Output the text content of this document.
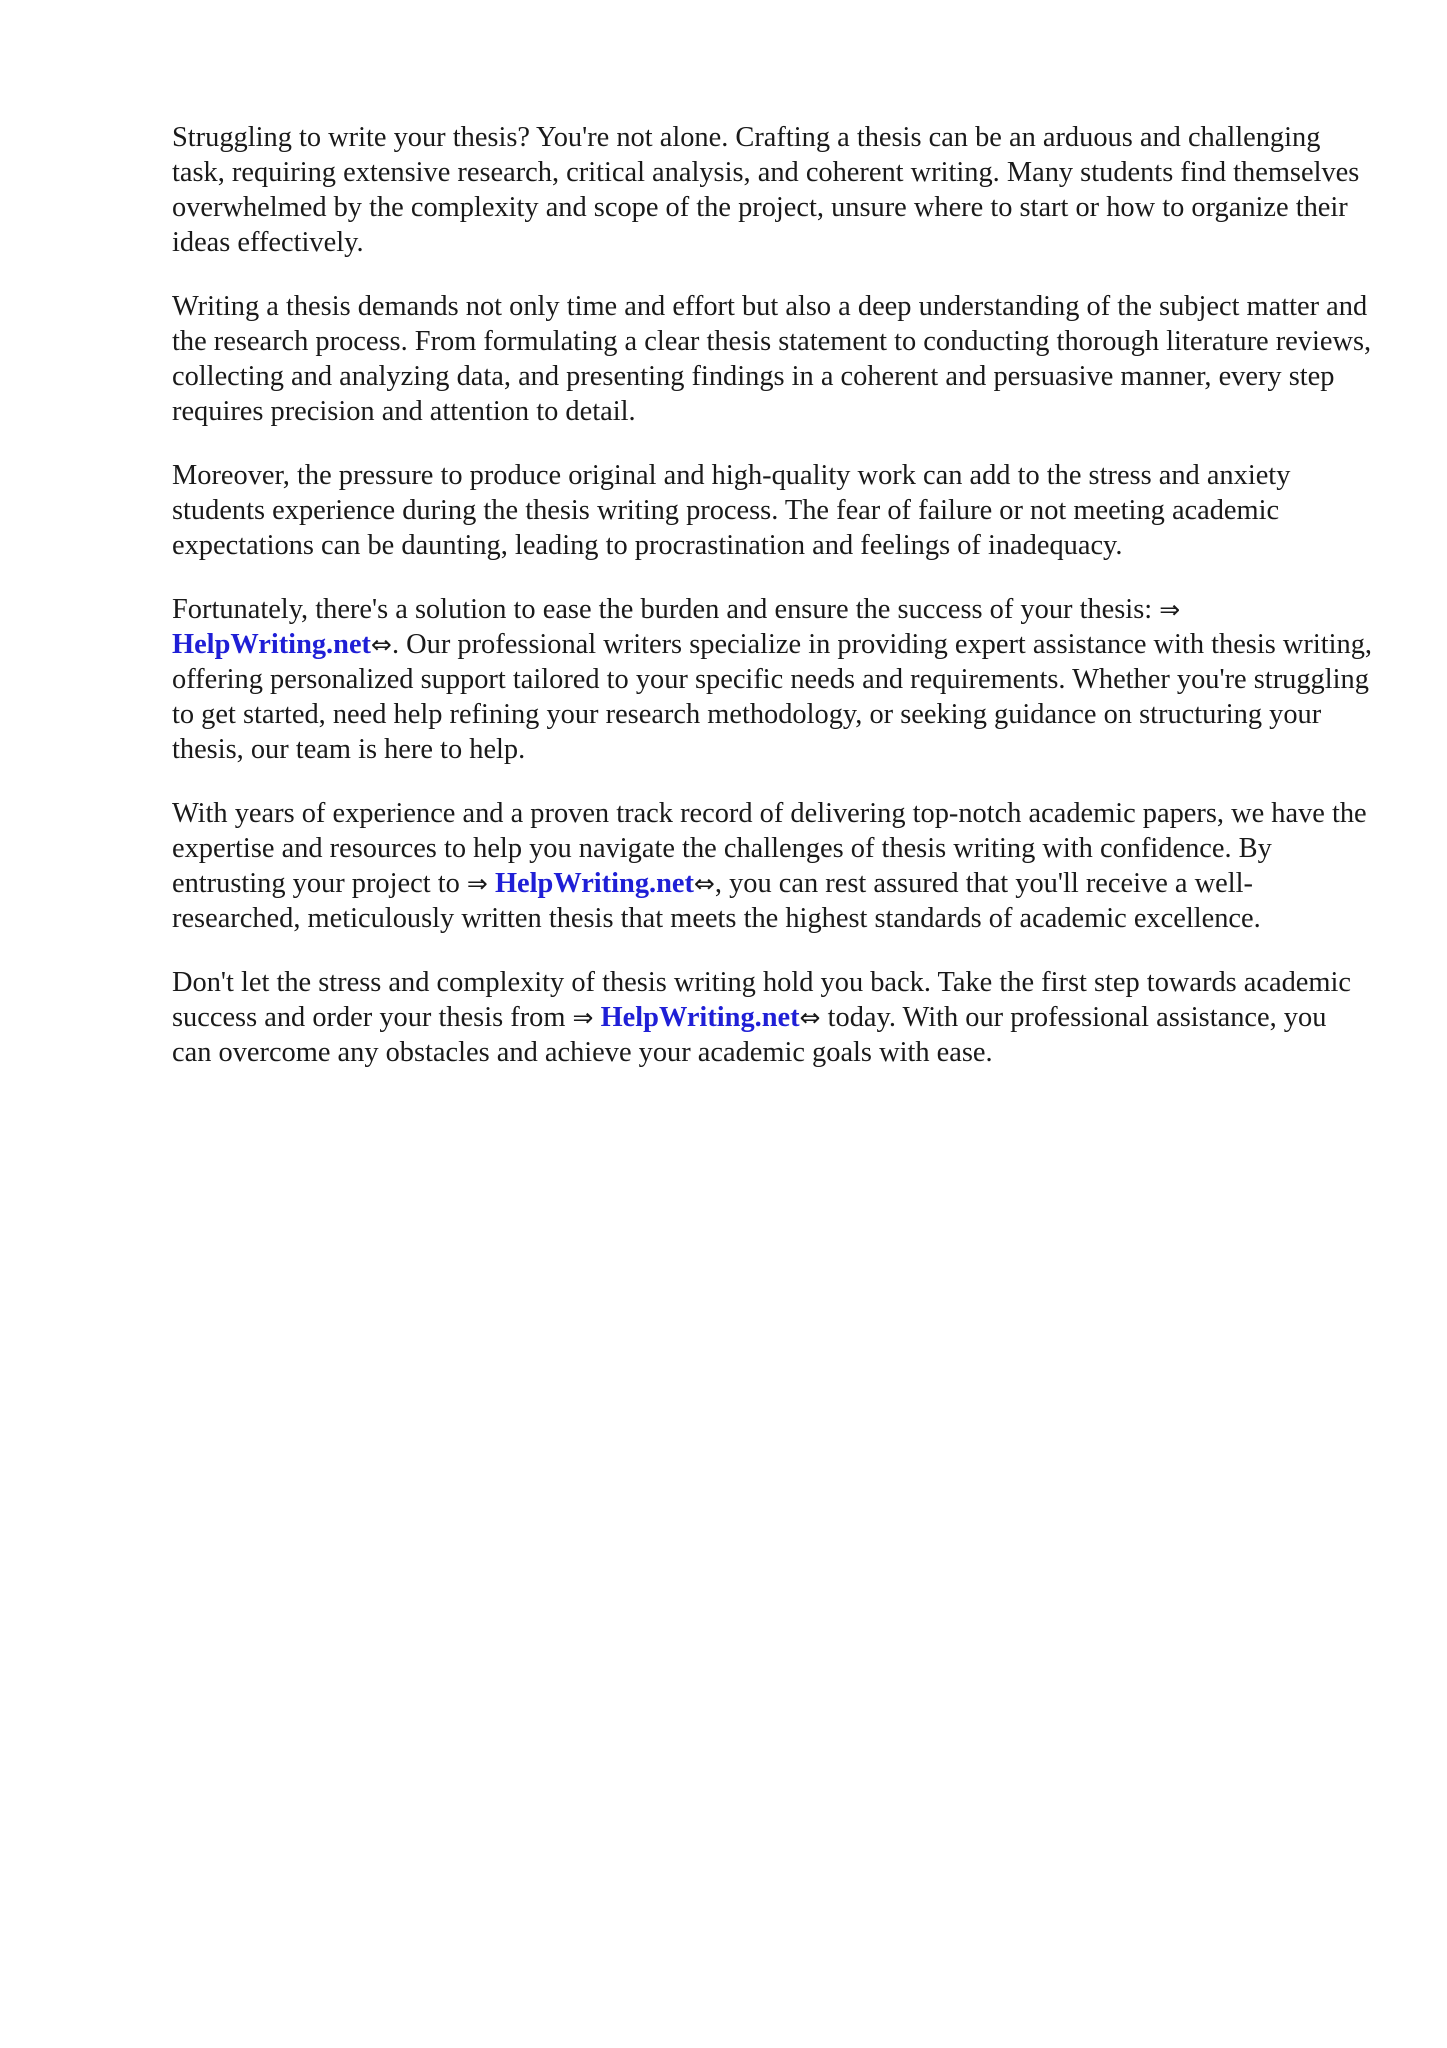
Struggling to write your thesis? You're not alone. Crafting a thesis can be an arduous and challenging task, requiring extensive research, critical analysis, and coherent writing. Many students find themselves overwhelmed by the complexity and scope of the project, unsure where to start or how to organize their ideas effectively.

Writing a thesis demands not only time and effort but also a deep understanding of the subject matter and the research process. From formulating a clear thesis statement to conducting thorough literature reviews, collecting and analyzing data, and presenting findings in a coherent and persuasive manner, every step requires precision and attention to detail.

Moreover, the pressure to produce original and high-quality work can add to the stress and anxiety students experience during the thesis writing process. The fear of failure or not meeting academic expectations can be daunting, leading to procrastination and feelings of inadequacy.

Fortunately, there's a solution to ease the burden and ensure the success of your thesis: ⇒ HelpWriting.net⇔. Our professional writers specialize in providing expert assistance with thesis writing, offering personalized support tailored to your specific needs and requirements. Whether you're struggling to get started, need help refining your research methodology, or seeking guidance on structuring your thesis, our team is here to help.

With years of experience and a proven track record of delivering top-notch academic papers, we have the expertise and resources to help you navigate the challenges of thesis writing with confidence. By entrusting your project to ⇒ HelpWriting.net⇔, you can rest assured that you'll receive a well-researched, meticulously written thesis that meets the highest standards of academic excellence.

Don't let the stress and complexity of thesis writing hold you back. Take the first step towards academic success and order your thesis from ⇒ HelpWriting.net⇔ today. With our professional assistance, you can overcome any obstacles and achieve your academic goals with ease.
